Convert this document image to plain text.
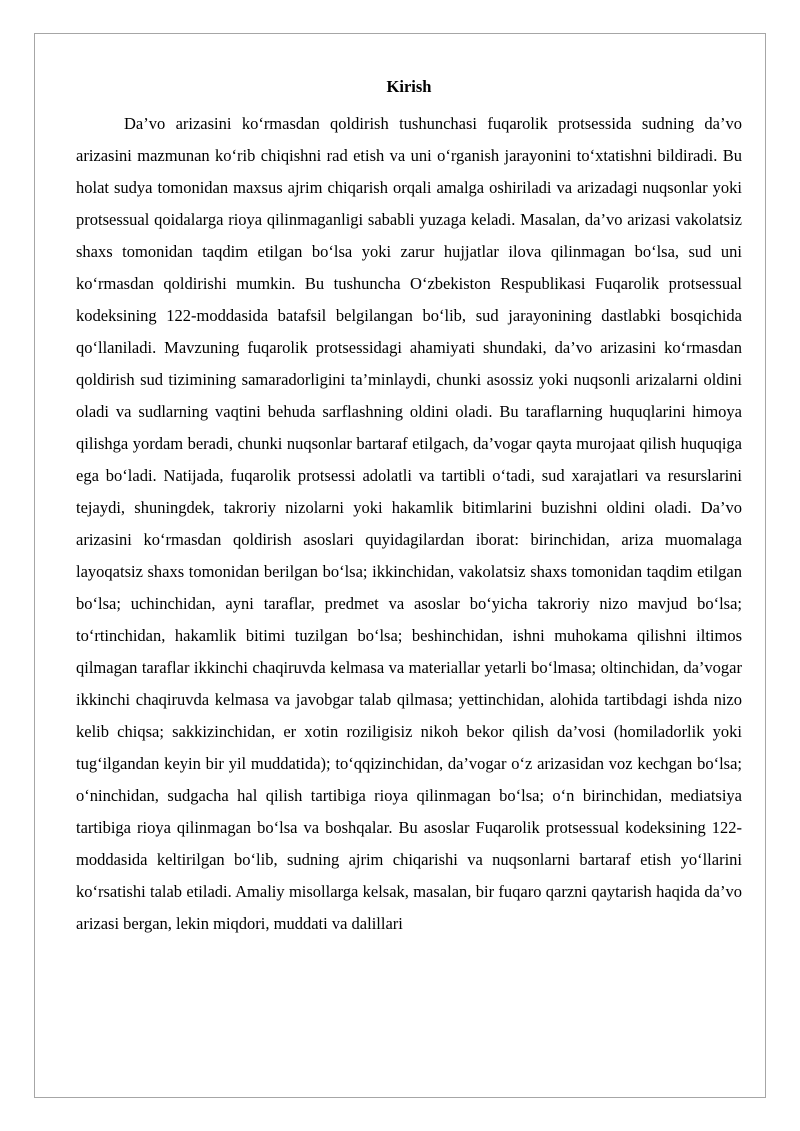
Kirish

Da’vo arizasini ko‘rmasdan qoldirish tushunchasi fuqarolik protsessida sudning da’vo arizasini mazmunan ko‘rib chiqishni rad etish va uni o‘rganish jarayonini to‘xtatishni bildiradi. Bu holat sudya tomonidan maxsus ajrim chiqarish orqali amalga oshiriladi va arizadagi nuqsonlar yoki protsessual qoidalarga rioya qilinmaganligi sababli yuzaga keladi. Masalan, da’vo arizasi vakolatsiz shaxs tomonidan taqdim etilgan bo‘lsa yoki zarur hujjatlar ilova qilinmagan bo‘lsa, sud uni ko‘rmasdan qoldirishi mumkin. Bu tushuncha O‘zbekiston Respublikasi Fuqarolik protsessual kodeksining 122-moddasida batafsil belgilangan bo‘lib, sud jarayonining dastlabki bosqichida qo‘llaniladi. Mavzuning fuqarolik protsessidagi ahamiyati shundaki, da’vo arizasini ko‘rmasdan qoldirish sud tizimining samaradorligini ta’minlaydi, chunki asossiz yoki nuqsonli arizalarni oldini oladi va sudlarning vaqtini behuda sarflashning oldini oladi. Bu taraflarning huquqlarini himoya qilishga yordam beradi, chunki nuqsonlar bartaraf etilgach, da’vogar qayta murojaat qilish huquqiga ega bo‘ladi. Natijada, fuqarolik protsessi adolatli va tartibli o‘tadi, sud xarajatlari va resurslarini tejaydi, shuningdek, takroriy nizolarni yoki hakamlik bitimlarini buzishni oldini oladi. Da’vo arizasini ko‘rmasdan qoldirish asoslari quyidagilardan iborat: birinchidan, ariza muomalaga layoqatsiz shaxs tomonidan berilgan bo‘lsa; ikkinchidan, vakolatsiz shaxs tomonidan taqdim etilgan bo‘lsa; uchinchidan, ayni taraflar, predmet va asoslar bo‘yicha takroriy nizo mavjud bo‘lsa; to‘rtinchidan, hakamlik bitimi tuzilgan bo‘lsa; beshinchidan, ishni muhokama qilishni iltimos qilmagan taraflar ikkinchi chaqiruvda kelmasa va materiallar yetarli bo‘lmasa; oltinchidan, da’vogar ikkinchi chaqiruvda kelmasa va javobgar talab qilmasa; yettinchidan, alohida tartibdagi ishda nizo kelib chiqsa; sakkizinchidan, er xotin roziligisiz nikoh bekor qilish da’vosi (homiladorlik yoki tug‘ilgandan keyin bir yil muddatida); to‘qqizinchidan, da’vogar o‘z arizasidan voz kechgan bo‘lsa; o‘ninchidan, sudgacha hal qilish tartibiga rioya qilinmagan bo‘lsa; o‘n birinchidan, mediatsiya tartibiga rioya qilinmagan bo‘lsa va boshqalar. Bu asoslar Fuqarolik protsessual kodeksining 122-moddasida keltirilgan bo‘lib, sudning ajrim chiqarishi va nuqsonlarni bartaraf etish yo‘llarini ko‘rsatishi talab etiladi. Amaliy misollarga kelsak, masalan, bir fuqaro qarzni qaytarish haqida da’vo arizasi bergan, lekin miqdori, muddati va dalillari
